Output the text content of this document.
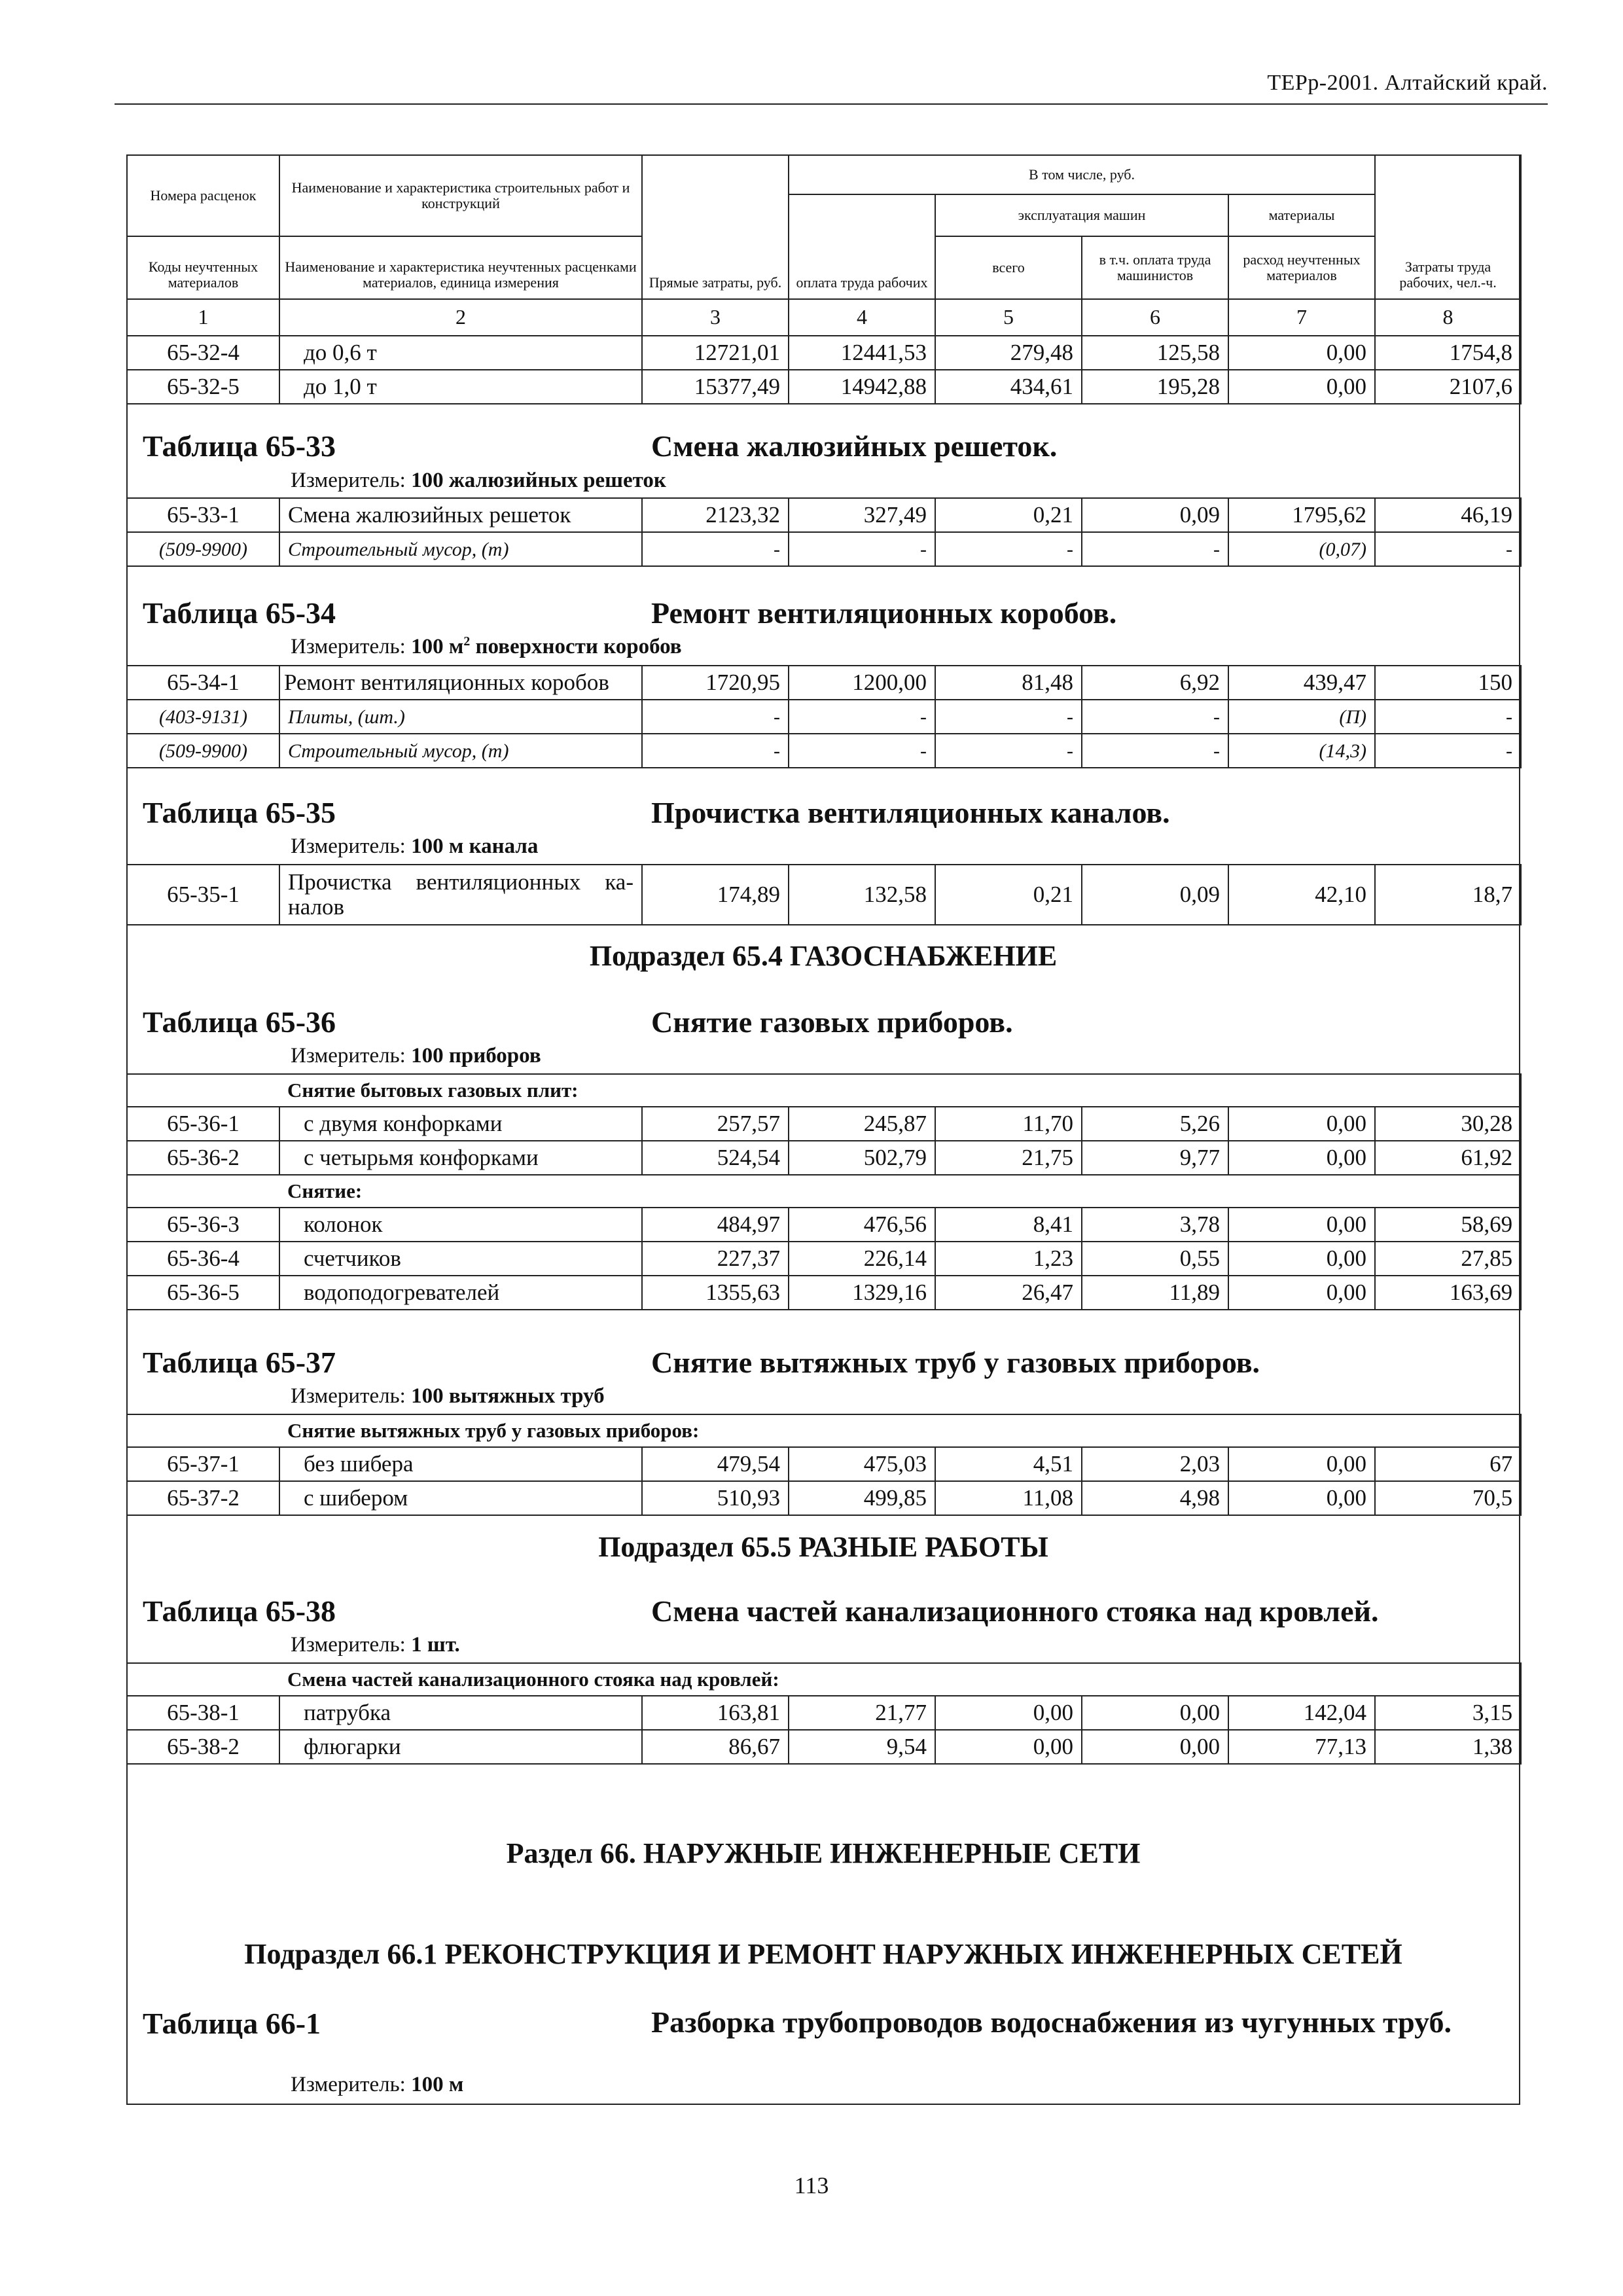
ТЕРр-2001. Алтайский край.
Номера расценок	Наименование и характеристика строительных работ и конструкций	Прямые затраты, руб.	В том числе, руб.				Затраты труда рабочих, чел.-ч.
			оплата труда рабочих	эксплуатация машин		материалы	
Коды неучтенных материалов	Наименование и характеристика неучтенных расценками материалов, единица измерения			всего	в т.ч. оплата труда машинистов	расход неучтенных материалов	

1	2	3	4	5	6	7	8
65-32-4	до 0,6 т	12721,01	12441,53	279,48	125,58	0,00	1754,8
65-32-5	до 1,0 т	15377,49	14942,88	434,61	195,28	0,00	2107,6
Таблица 65-33	Смена жалюзийных решеток.
Измеритель: 100 жалюзийных решеток
65-33-1	Смена жалюзийных решеток	2123,32	327,49	0,21	0,09	1795,62	46,19
(509-9900)	Строительный мусор, (т)	-	-	-	-	(0,07)	-
Таблица 65-34	Ремонт вентиляционных коробов.
Измеритель: 100 $м^2$ поверхности коробов
65-34-1	Ремонт вентиляционных коробов	1720,95	1200,00	81,48	6,92	439,47	150
(403-9131)	Плиты, (шт.)	-	-	-	-	(П)	-
(509-9900)	Строительный мусор, (т)	-	-	-	-	(14,3)	-
Таблица 65-35	Прочистка вентиляционных каналов.
Измеритель: 100 м канала
65-35-1	Прочистка вентиляционных ка-налов	174,89	132,58	0,21	0,09	42,10	18,7
Подраздел 65.4 ГАЗОСНАБЖЕНИЕ
Таблица 65-36	Снятие газовых приборов.
Измеритель: 100 приборов
	Снятие бытовых газовых плит:						
65-36-1	с двумя конфорками	257,57	245,87	11,70	5,26	0,00	30,28
65-36-2	с четырьмя конфорками	524,54	502,79	21,75	9,77	0,00	61,92
	Снятие:						
65-36-3	колонок	484,97	476,56	8,41	3,78	0,00	58,69
65-36-4	счетчиков	227,37	226,14	1,23	0,55	0,00	27,85
65-36-5	водоподогревателей	1355,63	1329,16	26,47	11,89	0,00	163,69
Таблица 65-37	Снятие вытяжных труб у газовых приборов.
Измеритель: 100 вытяжных труб
	Снятие вытяжных труб у газовых приборов:						
65-37-1	без шибера	479,54	475,03	4,51	2,03	0,00	67
65-37-2	с шибером	510,93	499,85	11,08	4,98	0,00	70,5
Подраздел 65.5 РАЗНЫЕ РАБОТЫ
Таблица 65-38	Смена частей канализационного стояка над кровлей.
Измеритель: 1 шт.
	Смена частей канализационного стояка над кровлей:						
65-38-1	патрубка	163,81	21,77	0,00	0,00	142,04	3,15
65-38-2	флюгарки	86,67	9,54	0,00	0,00	77,13	1,38
Раздел 66. НАРУЖНЫЕ ИНЖЕНЕРНЫЕ СЕТИ
Подраздел 66.1 РЕКОНСТРУКЦИЯ И РЕМОНТ НАРУЖНЫХ ИНЖЕНЕРНЫХ СЕТЕЙ
Таблица 66-1	Разборка трубопроводов водоснабжения из чугунных труб.
Измеритель: 100 м
113
